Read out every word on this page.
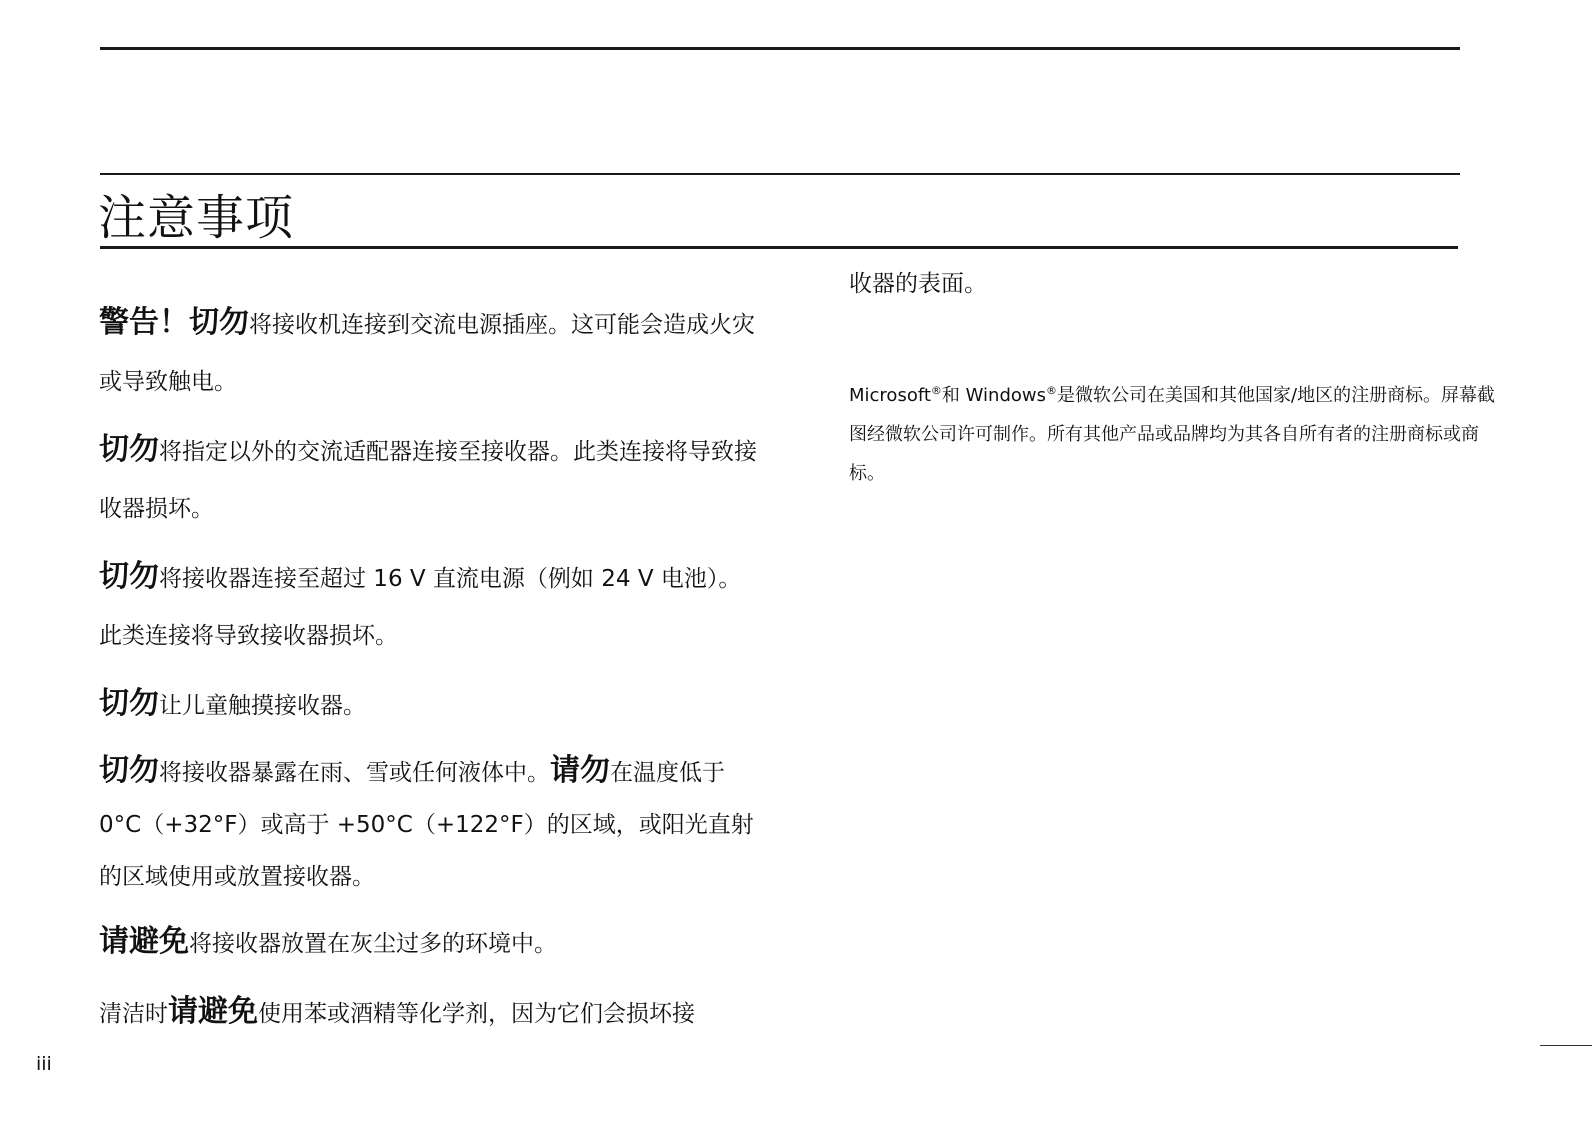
注意事项

警告！切勿将接收机连接到交流电源插座。这可能会造成火灾或导致触电。

切勿将指定以外的交流适配器连接至接收器。此类连接将导致接收器损坏。

切勿将接收器连接至超过 16 V 直流电源（例如 24 V 电池）。此类连接将导致接收器损坏。

切勿让儿童触摸接收器。

切勿将接收器暴露在雨、雪或任何液体中。请勿在温度低于 0°C（+32°F）或高于 +50°C（+122°F）的区域，或阳光直射的区域使用或放置接收器。

请避免将接收器放置在灰尘过多的环境中。

清洁时请避免使用苯或酒精等化学剂，因为它们会损坏接

收器的表面。

Microsoft®和 Windows®是微软公司在美国和其他国家/地区的注册商标。屏幕截图经微软公司许可制作。所有其他产品或品牌均为其各自所有者的注册商标或商标。

iii
